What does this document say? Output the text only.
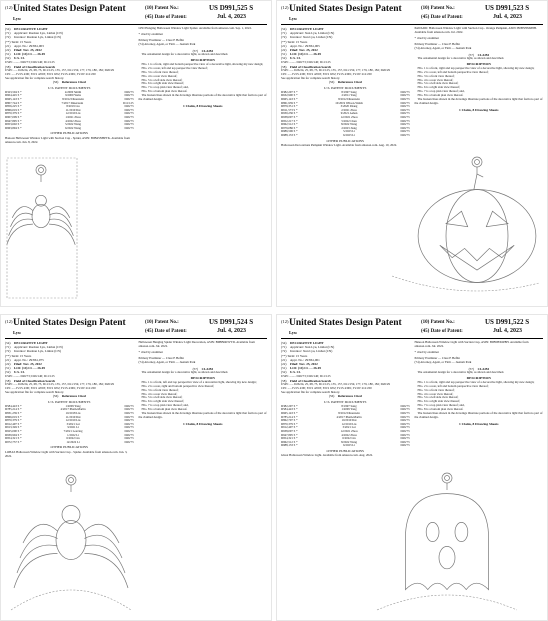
(12) United States Design Patent
Lyu
(10) Patent No.:	US D991,525 S
(45) Date of Patent:	Jul. 4, 2023
(54)	DECORATIVE LIGHT
(71)	Applicant: Ruohan Lyu, Linhai (CN)
(72)	Inventor: Ruohan Lyu, Linhai (CN)
(**) Term: 15 Years
(21)	Appl. No.: 29/861,003
(22)	Filed: Nov. 25, 2022
(51)	LOC (14) Cl. .... 26-05
(52)	U.S. Cl.
USPC ........ D26/73; D26/140; D11/125
(58)	Field of Classification Search
USPC ..... D26/24, 25, 68, 73, D11/125, 135, 157, D11/159, 177, 179, 180, 182; D26/29
CPC ..... F21S 4/00; F21S 4/003; F21S 9/02; F21S 4/001; F21W 2121/00
See application file for complete search history.
(56)	References Cited
U.S. PATENT DOCUMENTS
D323,504 S *	4/2000 Smith	D26/73
D604,445 S *	9/2009 Yams	D26/73
D665,143 S *	8/2012 Dinerstein	D26/73
D807,744 S *	7/2017 Dinerstein	D11/125
D856,225 S *	8/2019 Liu	D26/73
D866,019 S *	11/2019 Dai	D26/73
D870,379 S *	12/2019 Liu	D26/73
D907,009 S *	1/2021 Zhou	D26/73
D947,895 S *	4/2022 Zhou	D26/73
D953,602 S *	5/2022 Wang	D26/73
D963,894 S *	6/2022 Wang	D26/73
OTHER PUBLICATIONS
Hanoon Halloween Window Light with Suction Cup - Spider, ASIN: B0B45NHPTK. Available from amazon.com. Jun. 8, 2022.
LED Hanging Halloween Window Light Spider. Available from amazon.com. Sep. 1, 2022.
* cited by examiner
Primary Examiner — Clare E Heflin
(74) Attorney, Agent, or Firm — Jeenam Park
(57)	CLAIM
The ornamental design for a decorative light, as shown and described.
DESCRIPTION
FIG. 1 is a front, right and bottom perspective view of a decorative light, showing my new design;
FIG. 2 is a rear, left and top perspective view thereof;
FIG. 3 is a front view thereof;
FIG. 4 is a rear view thereof;
FIG. 5 is a left side view thereof;
FIG. 6 is a right side view thereof;
FIG. 7 is a top plan view thereof; and,
FIG. 8 is a bottom plan view thereof.
The broken lines shown in the drawings illustrate portions of the decorative light that form no part of the claimed design.
1 Claim, 8 Drawing Sheets
(12) United States Design Patent
Lyu
(10) Patent No.:	US D991,523 S
(45) Date of Patent:	Jul. 4, 2023
(54)	DECORATIVE LIGHT
(71)	Applicant: Xun Lyu, Linhai (CN)
(72)	Inventor: Xun Lyu, Linhai (CN)
(**) Term: 15 Years
(21)	Appl. No.: 29/861,005
(22)	Filed: Nov. 25, 2022
(51)	LOC (14) Cl. .... 26-05
(52)	U.S. Cl.
USPC ........ D26/73; D26/140; D11/125
(58)	Field of Classification Search
USPC ..... D26/24, 25, 68, 73, D11/125, 135, 157, D11/159, 177, 179, 180, 182; D26/29
CPC ..... F21S 4/00; F21S 4/003; F21S 9/02; F21S 4/001; F21W 2121/00
See application file for complete search history.
(56)	References Cited
U.S. PATENT DOCUMENTS
D382,297 S *	8/1997 Sung	D26/73
D632,900 S *	2/2011 Yang	D26/73
D665,143 S *	8/2012 Dinerstein	D26/73
D861,939 S *	10/2019 Wilson-Walsh	D26/73
D879,351 S *	3/2020 Zhang	D26/73
D911,573 S *	2/2021 Zhou	D26/73
D930,236 S *	9/2021 Ashan	D26/73
D938,097 S *	12/2021 Zhou	D26/73
D952,217 S *	5/2022 Chen	D26/73
D962,512 S *	8/2022 Wang	D26/73
D979,086 S *	2/2023 Jiang	D26/73
D986,506 S *	5/2023 Li	D26/73
D988,133 S *	6/2023 Li	D26/73
OTHER PUBLICATIONS
Halloween Decorations Pumpkin Window Light. Available from amazon.com. Aug. 10, 2022.
PAWADIC Halloween Window Light with Suction Cup - Orange Pumpkin, ASIN: B0B5HX6P8H. Available from amazon.com. Jul. 2022.
* cited by examiner
Primary Examiner — Clare E Heflin
(74) Attorney, Agent, or Firm — Jeenam Park
(57)	CLAIM
The ornamental design for a decorative light, as shown and described.
DESCRIPTION
FIG. 1 is a front, right and top perspective view of a decorative light, showing my new design;
FIG. 2 is a rear, left and bottom perspective view thereof;
FIG. 3 is a front view thereof;
FIG. 4 is a rear view thereof;
FIG. 5 is a left side view thereof;
FIG. 6 is a right side view thereof;
FIG. 7 is a top plan view thereof; and,
FIG. 8 is a bottom plan view thereof.
The broken lines shown in the drawings illustrate portions of the decorative light that form no part of the claimed design.
1 Claim, 8 Drawing Sheets
(12) United States Design Patent
Lyu
(10) Patent No.:	US D991,524 S
(45) Date of Patent:	Jul. 4, 2023
(54)	DECORATIVE LIGHT
(71)	Applicant: Ruohan Lyu, Linhai (CN)
(72)	Inventor: Ruohan Lyu, Linhai (CN)
(**) Term: 15 Years
(21)	Appl. No.: 29/861,075
(22)	Filed: Nov. 25, 2022
(51)	LOC (14) Cl. .... 26-05
(52)	U.S. Cl.
USPC ........ D26/73; D26/140; D11/125
(58)	Field of Classification Search
USPC ..... D26/24, 25, 68, 73, D11/125, 135, 157, D11/159, 177, 179, 180, 182; D26/29
CPC ..... F21S 4/00; F21S 4/003; F21S 9/02; F21S 4/001; F21W 2121/00
See application file for complete search history.
(56)	References Cited
U.S. PATENT DOCUMENTS
D584,443 S *	1/2009 Yang	D26/73
D785,214 S *	4/2017 Pham-Martin	D26/73
D831,239 S *	10/2018 Liu	D26/73
D866,019 S *	11/2019 Dai	D26/73
D870,379 S *	12/2019 Liu	D26/73
D912,497 S *	3/2021 Lai	D26/73
D913,349 S *	3/2021 Li	D26/73
D925,000 S *	7/2021 Leaving	D26/73
D939,904 S *	1/2022 Li	D26/73
D954,321 S *	6/2022 Lin	D26/73
D972,757 S *	12/2022 Li	D26/73
OTHER PUBLICATIONS
LOHAS Halloween Window Light with Suction Cup - Spider. Available from amazon.com. Jun. 3, 2022.
Halloween Hanging Spider Window Light Decoration, ASIN: B0BB6R3VTD. Available from amazon.com. Jul. 2022.
* cited by examiner
Primary Examiner — Clare E Heflin
(74) Attorney, Agent, or Firm — Jeenam Park
(57)	CLAIM
The ornamental design for a decorative light, as shown and described.
DESCRIPTION
FIG. 1 is a front, left and top perspective view of a decorative light, showing my new design;
FIG. 2 is a rear, right and bottom perspective view thereof;
FIG. 3 is a front view thereof;
FIG. 4 is a rear view thereof;
FIG. 5 is a left side view thereof;
FIG. 6 is a right side view thereof;
FIG. 7 is a top plan view thereof; and,
FIG. 8 is a bottom plan view thereof.
The broken lines shown in the drawings illustrate portions of the decorative light that form no part of the claimed design.
1 Claim, 8 Drawing Sheets
(12) United States Design Patent
Lyu
(10) Patent No.:	US D991,522 S
(45) Date of Patent:	Jul. 4, 2023
(54)	DECORATIVE LIGHT
(71)	Applicant: Xun Lyu, Linhai (CN)
(72)	Inventor: Xun Lyu, Linhai (CN)
(**) Term: 15 Years
(21)	Appl. No.: 29/861,001
(22)	Filed: Nov. 25, 2022
(51)	LOC (14) Cl. .... 26-05
(52)	U.S. Cl.
USPC ........ D26/73; D26/140; D11/125
(58)	Field of Classification Search
USPC ..... D26/24, 25, 68, 73, D11/125, 135, 157, D11/159, 177, 179, 180, 182; D26/29
CPC ..... F21S 4/00; F21S 4/003; F21S 9/02; F21S 4/001; F21W 2121/00
See application file for complete search history.
(56)	References Cited
U.S. PATENT DOCUMENTS
D382,297 S *	8/1997 Sung	D26/73
D584,443 S *	1/2009 Yang	D26/73
D665,143 S *	8/2012 Dinerstein	D26/73
D785,214 S *	4/2017 Pham-Martin	D26/73
D862,707 S *	10/2019 Dai	D26/73
D870,379 S *	12/2019 Liu	D26/73
D912,497 S *	3/2021 Lai	D26/73
D938,097 S *	12/2021 Zhou	D26/73
D947,895 S *	4/2022 Zhou	D26/73
D954,321 S *	6/2022 Lin	D26/73
D962,512 S *	8/2022 Wang	D26/73
D988,133 S *	6/2023 Li	D26/73
OTHER PUBLICATIONS
Ghost Halloween Window Light. Available from amazon.com. Aug. 2022.
Hanoon Halloween Window Light with Suction Cup, ASIN: B0B5HX6P8H. Available from amazon.com. Jul. 2022.
* cited by examiner
Primary Examiner — Clare E Heflin
(74) Attorney, Agent, or Firm — Jeenam Park
(57)	CLAIM
The ornamental design for a decorative light, as shown and described.
DESCRIPTION
FIG. 1 is a front, right and top perspective view of a decorative light, showing my new design;
FIG. 2 is a rear, left and bottom perspective view thereof;
FIG. 3 is a front view thereof;
FIG. 4 is a rear view thereof;
FIG. 5 is a left side view thereof;
FIG. 6 is a right side view thereof;
FIG. 7 is a top plan view thereof; and,
FIG. 8 is a bottom plan view thereof.
The broken lines shown in the drawings illustrate portions of the decorative light that form no part of the claimed design.
1 Claim, 8 Drawing Sheets
